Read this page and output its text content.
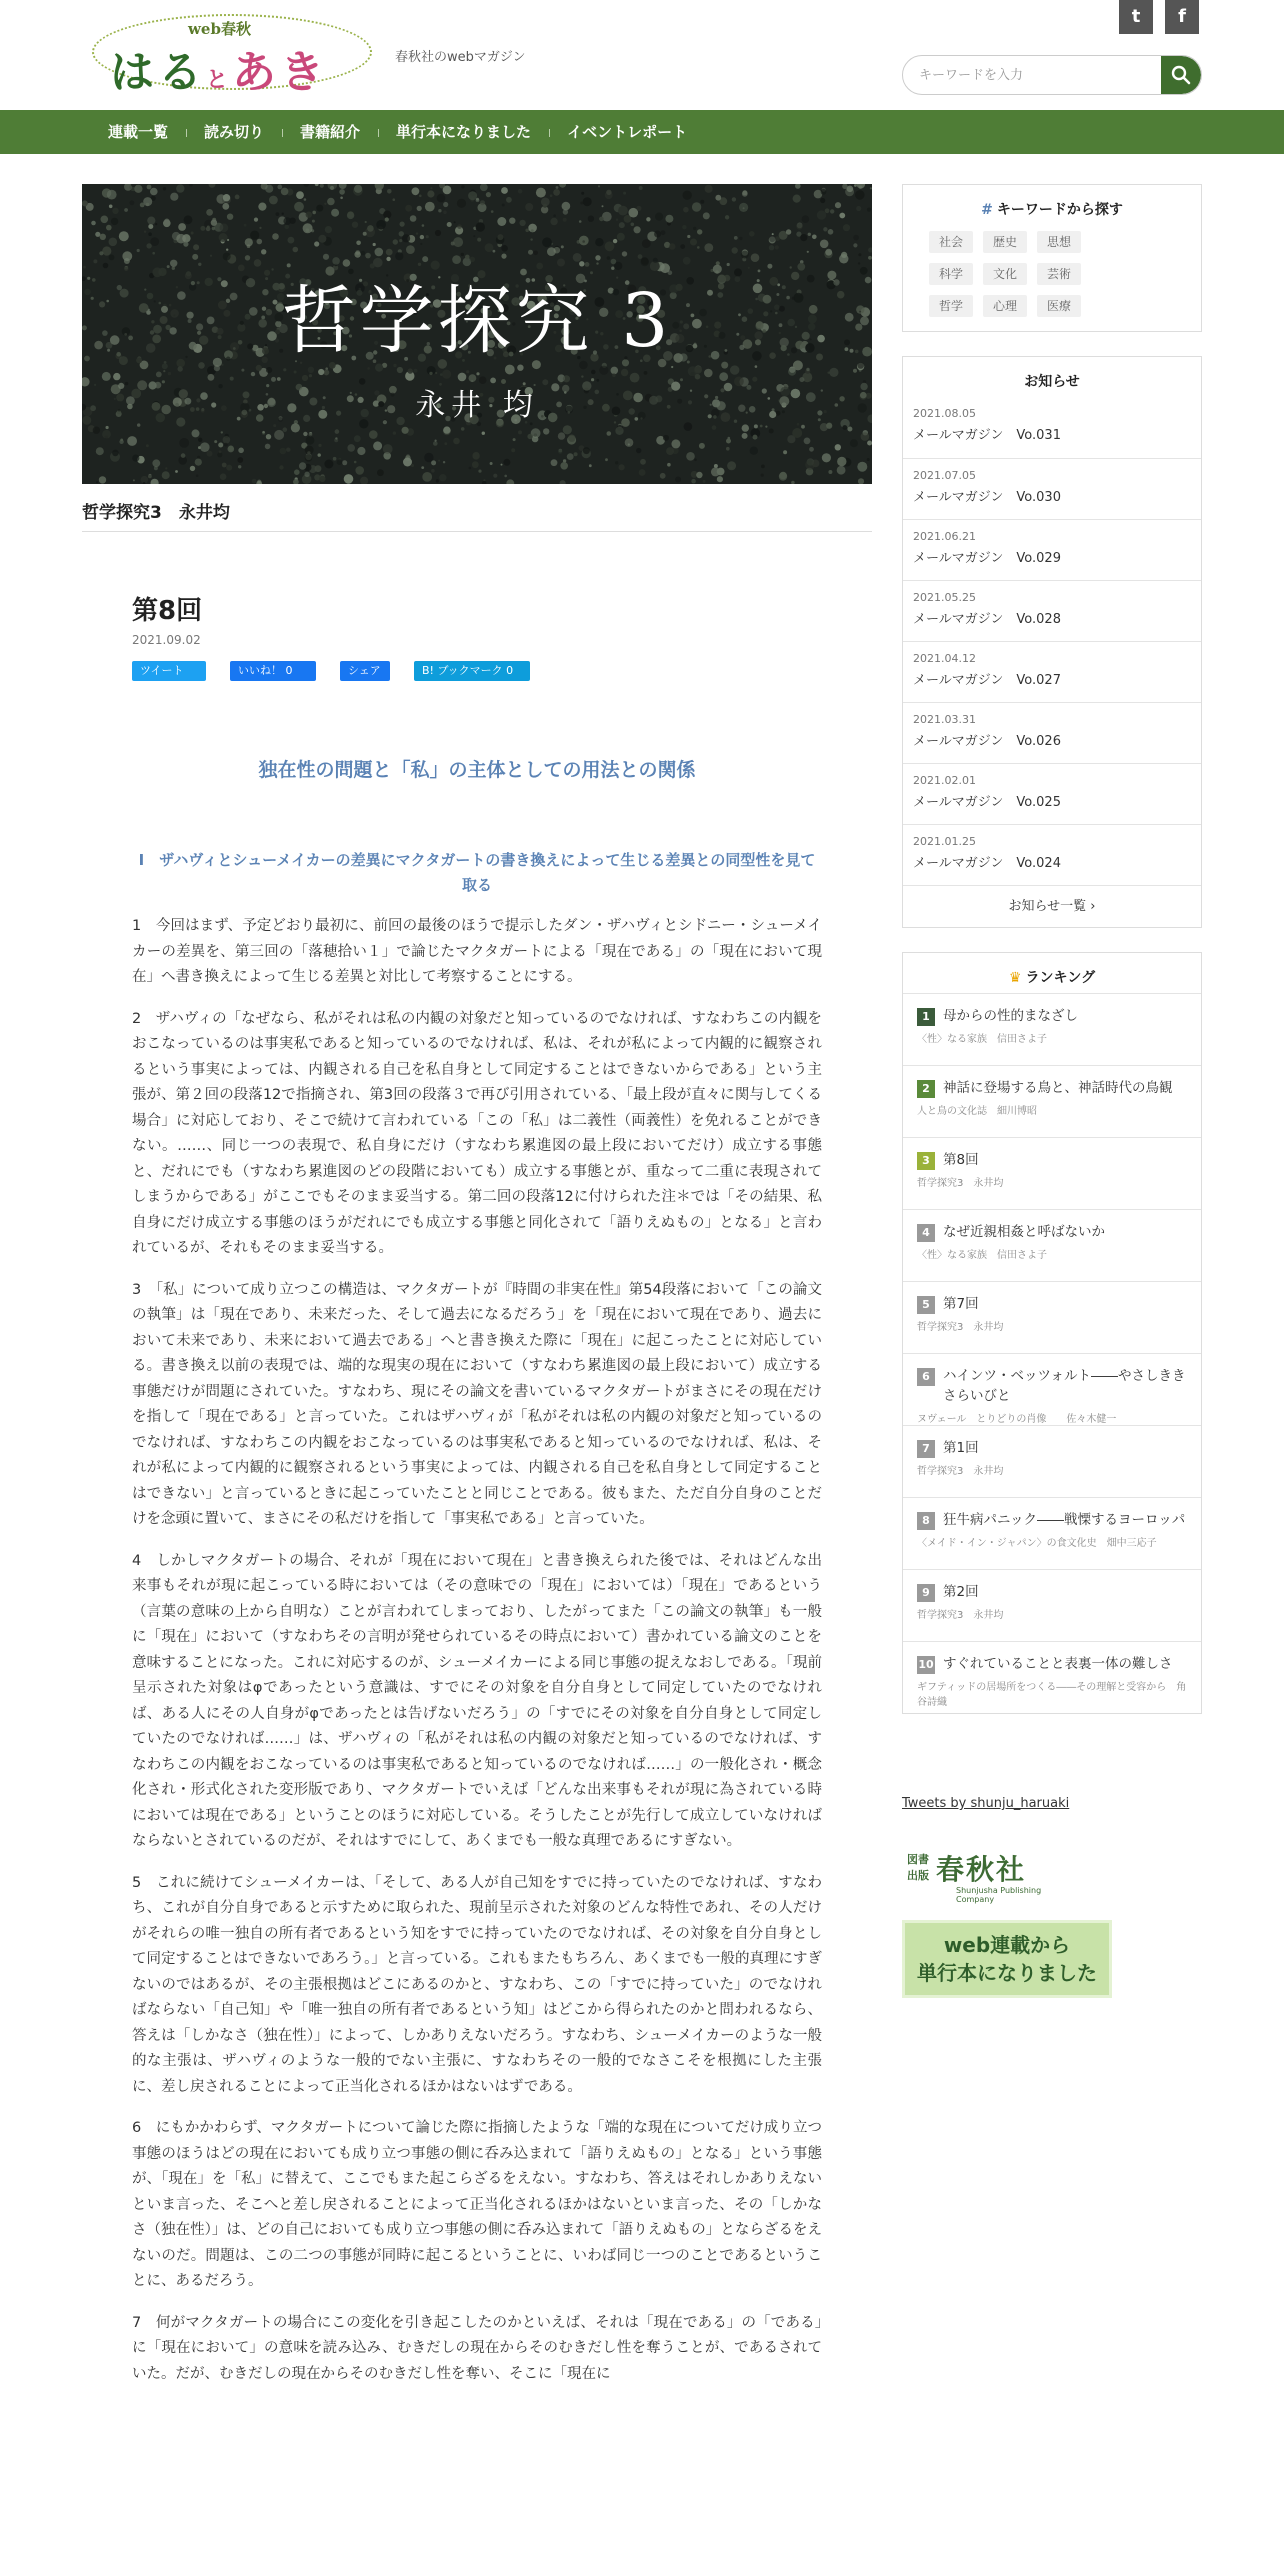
web春秋
はるとあき	春秋社のwebマガジン
t	f
キーワードを入力
連載一覧	読み切り	書籍紹介	単行本になりました	イベントレポート
哲学探究 3
永井 均
哲学探究3　永井均
第8回
2021.09.02
ツイート	いいね！ 0	シェア	B! ブックマーク 0
独在性の問題と「私」の主体としての用法との関係
Ⅰ　ザハヴィとシューメイカーの差異にマクタガートの書き換えによって生じる差異との同型性を見て取る

1　今回はまず、予定どおり最初に、前回の最後のほうで提示したダン・ザハヴィとシドニー・シューメイカーの差異を、第三回の「落穂拾い１」で論じたマクタガートによる「現在である」の「現在において現在」へ書き換えによって生じる差異と対比して考察することにする。

2　ザハヴィの「なぜなら、私がそれは私の内観の対象だと知っているのでなければ、すなわちこの内観をおこなっているのは事実私であると知っているのでなければ、私は、それが私によって内観的に観察されるという事実によっては、内観される自己を私自身として同定することはできないからである」という主張が、第２回の段落12で指摘され、第3回の段落３で再び引用されている、「最上段が直々に関与してくる場合」に対応しており、そこで続けて言われている「この「私」は二義性（両義性）を免れることができない。……、同じ一つの表現で、私自身にだけ（すなわち累進図の最上段においてだけ）成立する事態と、だれにでも（すなわち累進図のどの段階においても）成立する事態とが、重なって二重に表現されてしまうからである」がここでもそのまま妥当する。第二回の段落12に付けられた注＊では「その結果、私自身にだけ成立する事態のほうがだれにでも成立する事態と同化されて「語りえぬもの」となる」と言われているが、それもそのまま妥当する。

3　「私」について成り立つこの構造は、マクタガートが『時間の非実在性』第54段落において「この論文の執筆」は「現在であり、未来だった、そして過去になるだろう」を「現在において現在であり、過去において未来であり、未来において過去である」へと書き換えた際に「現在」に起こったことに対応している。書き換え以前の表現では、端的な現実の現在において（すなわち累進図の最上段において）成立する事態だけが問題にされていた。すなわち、現にその論文を書いているマクタガートがまさにその現在だけを指して「現在である」と言っていた。これはザハヴィが「私がそれは私の内観の対象だと知っているのでなければ、すなわちこの内観をおこなっているのは事実私であると知っているのでなければ、私は、それが私によって内観的に観察されるという事実によっては、内観される自己を私自身として同定することはできない」と言っているときに起こっていたことと同じことである。彼もまた、ただ自分自身のことだけを念頭に置いて、まさにその私だけを指して「事実私である」と言っていた。

4　しかしマクタガートの場合、それが「現在において現在」と書き換えられた後では、それはどんな出来事もそれが現に起こっている時においては（その意味での「現在」においては）「現在」であるという（言葉の意味の上から自明な）ことが言われてしまっており、したがってまた「この論文の執筆」も一般に「現在」において（すなわちその言明が発せられているその時点において）書かれている論文のことを意味することになった。これに対応するのが、シューメイカーによる同じ事態の捉えなおしである。「現前呈示された対象はφであったという意識は、すでにその対象を自分自身として同定していたのでなければ、ある人にその人自身がφであったとは告げないだろう」の「すでにその対象を自分自身として同定していたのでなければ……」は、ザハヴィの「私がそれは私の内観の対象だと知っているのでなければ、すなわちこの内観をおこなっているのは事実私であると知っているのでなければ……」の一般化され・概念化され・形式化された変形版であり、マクタガートでいえば「どんな出来事もそれが現に為されている時においては現在である」ということのほうに対応している。そうしたことが先行して成立していなければならないとされているのだが、それはすでにして、あくまでも一般な真理であるにすぎない。

5　これに続けてシューメイカーは、「そして、ある人が自己知をすでに持っていたのでなければ、すなわち、これが自分自身であると示すために取られた、現前呈示された対象のどんな特性であれ、その人だけがそれらの唯一独自の所有者であるという知をすでに持っていたのでなければ、その対象を自分自身として同定することはできないであろう。」と言っている。これもまたもちろん、あくまでも一般的真理にすぎないのではあるが、その主張根拠はどこにあるのかと、すなわち、この「すでに持っていた」のでなければならない「自己知」や「唯一独自の所有者であるという知」はどこから得られたのかと問われるなら、答えは「しかなさ（独在性）」によって、しかありえないだろう。すなわち、シューメイカーのような一般的な主張は、ザハヴィのような一般的でない主張に、すなわちその一般的でなさこそを根拠にした主張に、差し戻されることによって正当化されるほかはないはずである。

6　にもかかわらず、マクタガートについて論じた際に指摘したような「端的な現在についてだけ成り立つ事態のほうはどの現在においても成り立つ事態の側に呑み込まれて「語りえぬもの」となる」という事態が、「現在」を「私」に替えて、ここでもまた起こらざるをえない。すなわち、答えはそれしかありえないといま言った、そこへと差し戻されることによって正当化されるほかはないといま言った、その「しかなさ（独在性）」は、どの自己においても成り立つ事態の側に呑み込まれて「語りえぬもの」とならざるをえないのだ。問題は、この二つの事態が同時に起こるということに、いわば同じ一つのことであるということに、あるだろう。

7　何がマクタガートの場合にこの変化を引き起こしたのかといえば、それは「現在である」の「である」に「現在において」の意味を読み込み、むきだしの現在からそのむきだし性を奪うことが、であるされていた。だが、むきだしの現在からそのむきだし性を奪い、そこに「現在に

# キーワードから探す
社会 歴史 思想
科学 文化 芸術
哲学 心理 医療
お知らせ
2021.08.05
メールマガジン　Vo.031
2021.07.05
メールマガジン　Vo.030
2021.06.21
メールマガジン　Vo.029
2021.05.25
メールマガジン　Vo.028
2021.04.12
メールマガジン　Vo.027
2021.03.31
メールマガジン　Vo.026
2021.02.01
メールマガジン　Vo.025
2021.01.25
メールマガジン　Vo.024
お知らせ一覧 ›
♛ ランキング
1 母からの性的まなざし
〈性〉なる家族　信田さよ子
2 神話に登場する鳥と、神話時代の鳥観
人と鳥の文化誌　細川博昭
3 第8回
哲学探究3　永井均
4 なぜ近親相姦と呼ばないか
〈性〉なる家族　信田さよ子
5 第7回
哲学探究3　永井均
6 ハインツ・ベッツォルト――やさしききさらいびと
ヌヴェール　とりどりの肖像　　佐々木健一
7 第1回
哲学探究3　永井均
8 狂牛病パニック――戦慄するヨーロッパ
〈メイド・イン・ジャパン〉の食文化史　畑中三応子
9 第2回
哲学探究3　永井均
10 すぐれていることと表裏一体の難しさ
ギフティッドの居場所をつくる――その理解と受容から　角谷詩織
Tweets by shunju_haruaki
図書出版 春秋社
Shunjusha Publishing Company
web連載から
単行本になりました
